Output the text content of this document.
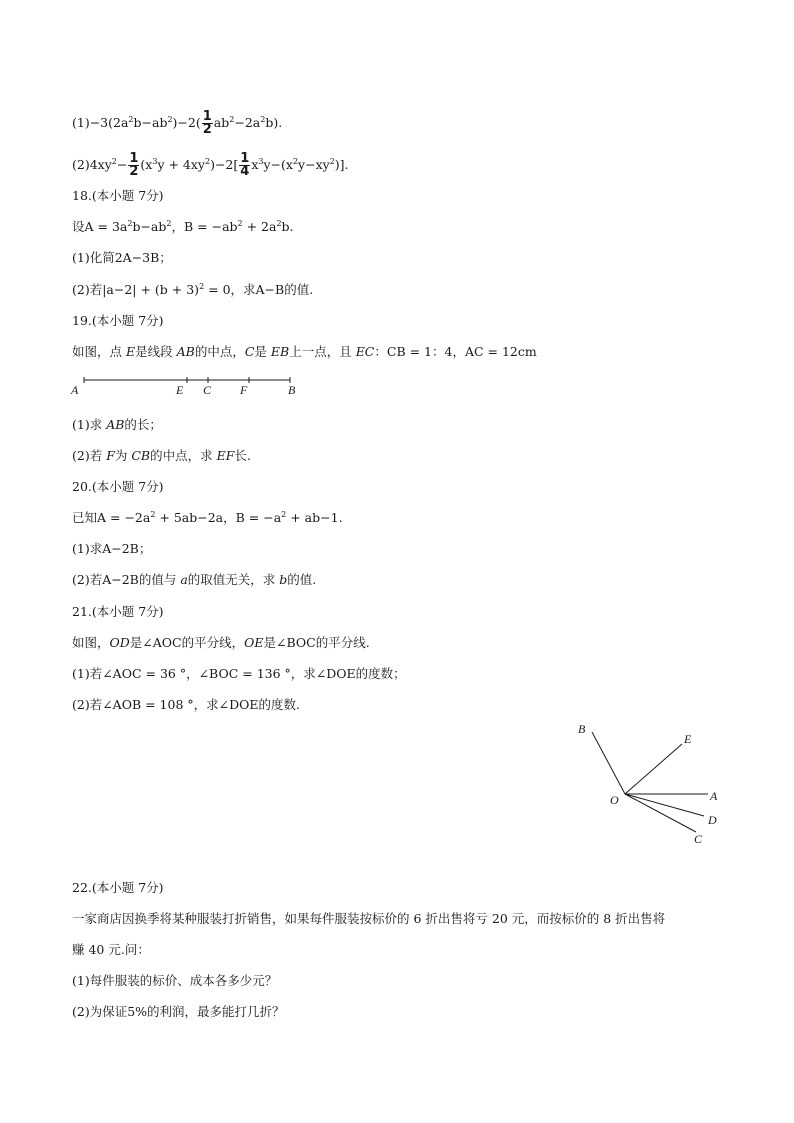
$(1)-3(2a^2b-ab^2)-2( \frac{1}{2} ab^2-2a^2b)$.
$(2)4xy^2- \frac{1}{2} (x^3y + 4xy^2)-2[ \frac{1}{4} x^3y-(x^2y-xy^2)]$.
18.(本小题 7分)
设$A = 3a^2b-ab^2$，$B = -ab^2 + 2a^2b$.
(1)化简2A−3B；
(2)若$|a-2| + (b + 3)^2 = 0$，求A−B的值.
19.(本小题 7分)
如图，点 E是线段 AB的中点，C是 EB上一点，且 EC：CB = 1：4，AC = 12cm
A	E C F	B
(1)求 AB的长；
(2)若 F为 CB的中点，求 EF长.
20.(本小题 7分)
已知$A = -2a^2 + 5ab-2a$，$B = -a^2 + ab-1$.
(1)求A−2B；
(2)若A−2B的值与 a的取值无关，求 b的值.
21.(本小题 7分)
如图，OD是∠AOC的平分线，OE是∠BOC的平分线.
(1)若∠AOC = 36 °，∠BOC = 136 °，求∠DOE的度数；
(2)若∠AOB = 108 °，求∠DOE的度数.
B
E
O	A
D
C
22.(本小题 7分)
一家商店因换季将某种服装打折销售，如果每件服装按标价的 6 折出售将亏 20 元，而按标价的 8 折出售将
赚 40 元.问：
(1)每件服装的标价、成本各多少元？
(2)为保证5%的利润，最多能打几折？
